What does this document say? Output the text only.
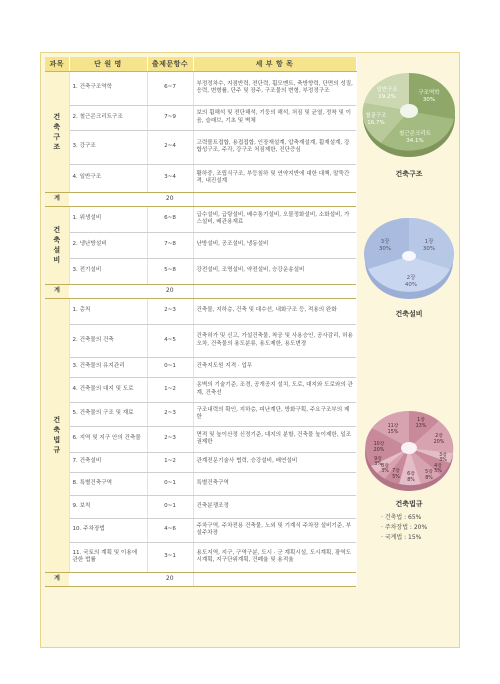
과목	단 원 명	출제문항수	세 부 항 목
건축구조	1. 건축구조역학	6~7	부정정차수, 지점반력, 전단력, 휨모멘트, 축방향력, 단면의 성질, 응력, 변형률, 단주 및 장주, 구조물의 변형, 부정정구조
	2. 철근콘크리트구조	7~9	보의 휨해석 및 전단해석, 기둥의 해석, 처짐 및 균열, 정착 및 이음, 슬래브, 기초 및 벽체
	3. 강구조	2~4	고력볼트접합, 용접접합, 인장재설계, 압축재설계, 휨재설계, 강합성구조, 주각, 강구조 처짐제한, 진단증심
	4. 일반구조	3~4	활하중, 조립식구조, 부등침하 및 연약지반에 대한 대책, 말뚝간격, 내진설계
계		20	
건축설비	1. 위생설비	6~8	급수설비, 급탕설비, 배수통기설비, 오물정화설비, 소화설비, 가스설비, 배관용재료
	2. 냉난방설비	7~8	난방설비, 공조설비, 냉동설비
	3. 전기설비	5~8	강전설비, 조명설비, 약전설비, 승강운송설비
계		20	
건축법규	1. 총칙	2~3	건축물, 지하층, 건축 및 대수선, 내화구조 등, 적용의 완화
	2. 건축물의 건축	4~5	건축허가 및 신고, 가설건축물, 착공 및 사용승인, 공사감리, 허용오차, 건축물의 용도분류, 용도제한, 용도변경
	3. 건축물의 유지관리	0~1	건축지도원 지격 · 업무
	4. 건축물의 대지 및 도로	1~2	옹벽의 기술기준, 조경, 공개공지 설치, 도로, 대지와 도로와의 관계, 건축선
	5. 건축물의 구조 및 재료	2~3	구조내력의 확인, 지하층, 피난계단, 방화구획, 주요구조부의 제한
	6. 지역 및 지구 안의 건축물	2~3	면적 및 높이산정 신정기준, 대지의 분할, 건축물 높이제한, 일조권제한
	7. 건축설비	1~2	관계전문기술사 협력, 승강설비, 배연설비
	8. 특별건축구역	0~1	특별건축구역
	9. 보칙	0~1	건축분쟁조정
	10. 주차장법	4~6	주차구역, 주차전용 건축물, 노외 및 기계식 주차장 설비기준, 부설주차장
	11. 국토의 계획 및 이용에 관한 법률	3~1	용도지역, 지구, 구역구분, 도시 · 군 계획시설, 도시계획, 광역도시계획, 지구단위계획, 건폐율 및 용적율
계		20	
구조역학
30%
철근콘크리트
34.1%
철골구조
16.7%
일반구조
19.2%
건축구조
1장
30%
2장
40%
3장
30%
건축설비
1장
13%
2장
20%
3장
3%
4장
5%
5장
8%
6장
8%
7장
5%
8장
3%
9장
3%
10장
20%
11장
15%
건축법규
· 건축법 : 65%
· 주차장법 : 20%
· 국계법 : 15%
